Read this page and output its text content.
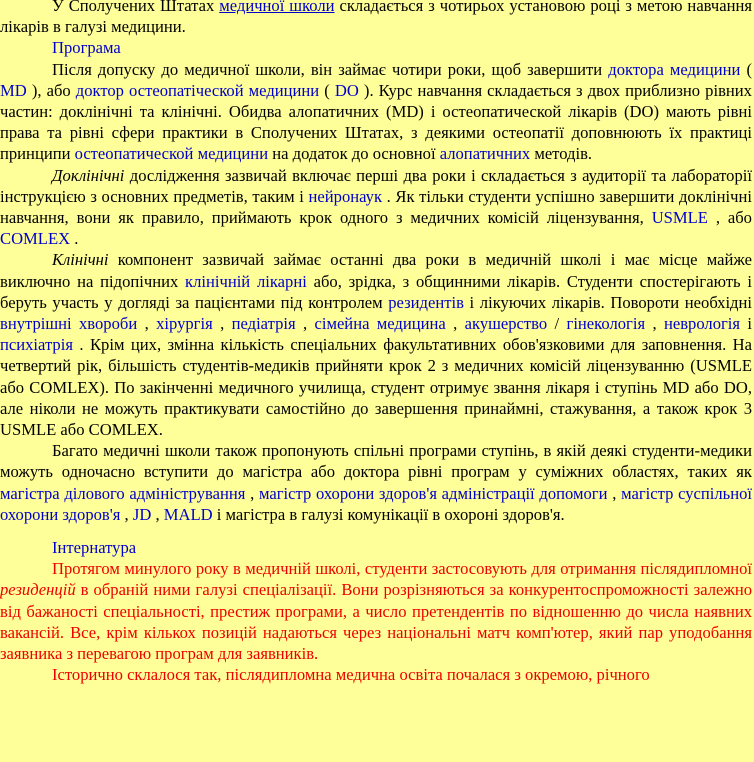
У Сполучених Штатах медичної школи складається з чотирьох установою році з метою навчання лікарів в галузі медицини.

Програма

Після допуску до медичної школи, він займає чотири роки, щоб завершити доктора медицини ( MD ), або доктор остеопатіческой медицини ( DO ). Курс навчання складається з двох приблизно рівних частин: доклінічні та клінічні. Обидва алопатичних (MD) і остеопатической лікарів (DO) мають рівні права та рівні сфери практики в Сполучених Штатах, з деякими остеопатії доповнюють їх практиці принципи остеопатической медицини на додаток до основної алопатичних методів.

Доклінічні дослідження зазвичай включає перші два роки і складається з аудиторії та лабораторії інструкцією з основних предметів, таким і нейронаук . Як тільки студенти успішно завершити доклінічні навчання, вони як правило, приймають крок одного з медичних комісій ліцензування, USMLE , або COMLEX .

Клінічні компонент зазвичай займає останні два роки в медичній школі і має місце майже виключно на підопічних клінічній лікарні або, зрідка, з общинними лікарів. Студенти спостерігають і беруть участь у догляді за пацієнтами під контролем резидентів і лікуючих лікарів. Повороти необхідні внутрішні хвороби , хірургія , педіатрія , сімейна медицина , акушерство / гінекологія , неврологія і психіатрія . Крім цих, змінна кількість спеціальних факультативних обов'язковими для заповнення. На четвертий рік, більшість студентів-медиків прийняти крок 2 з медичних комісій ліцензуванню (USMLE або COMLEX). По закінченні медичного училища, студент отримує звання лікаря і ступінь MD або DO, але ніколи не можуть практикувати самостійно до завершення принаймні, стажування, а також крок 3 USMLE або COMLEX.

Багато медичні школи також пропонують спільні програми ступінь, в якій деякі студенти-медики можуть одночасно вступити до магістра або доктора рівні програм у суміжних областях, таких як магістра ділового адміністрування , магістр охорони здоров'я адміністрації допомоги , магістр суспільної охорони здоров'я , JD , MALD і магістра в галузі комунікації в охороні здоров'я.

Інтернатура

Протягом минулого року в медичній школі, студенти застосовують для отримання післядипломної резиденцій в обраній ними галузі спеціалізації. Вони розрізняються за конкурентоспроможності залежно від бажаності спеціальності, престиж програми, а число претендентів по відношенню до числа наявних вакансій. Все, крім кількох позицій надаються через національні матч комп'ютер, який пар уподобання заявника з перевагою програм для заявників.

Історично склалося так, післядипломна медична освіта почалася з окремою, річного
